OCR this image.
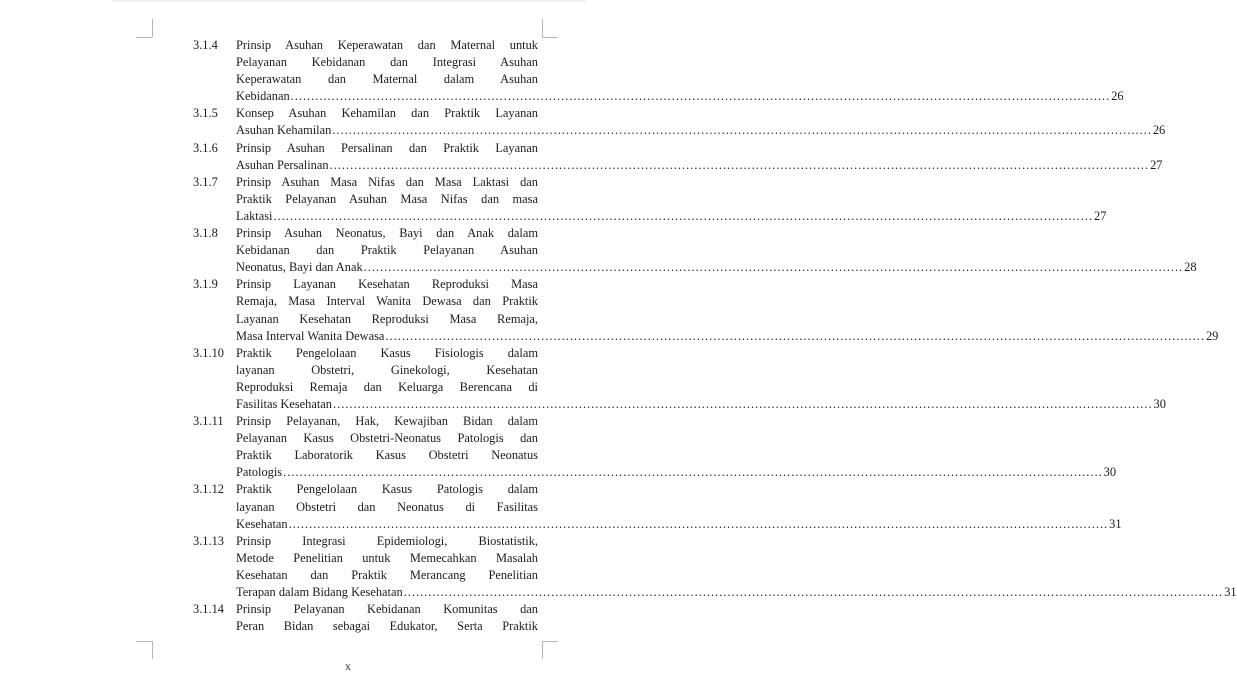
3.1.4	Prinsip Asuhan Keperawatan dan Maternal untuk
Pelayanan Kebidanan dan Integrasi Asuhan
Keperawatan dan Maternal dalam Asuhan
Kebidanan ........................................................................................................................................................................................................ 26
3.1.5	Konsep Asuhan Kehamilan dan Praktik Layanan
Asuhan Kehamilan ........................................................................................................................................................................................................ 26
3.1.6	Prinsip Asuhan Persalinan dan Praktik Layanan
Asuhan Persalinan ........................................................................................................................................................................................................ 27
3.1.7	Prinsip Asuhan Masa Nifas dan Masa Laktasi dan
Praktik Pelayanan Asuhan Masa Nifas dan masa
Laktasi ........................................................................................................................................................................................................ 27
3.1.8	Prinsip Asuhan Neonatus, Bayi dan Anak dalam
Kebidanan dan Praktik Pelayanan Asuhan
Neonatus, Bayi dan Anak ........................................................................................................................................................................................................ 28
3.1.9	Prinsip Layanan Kesehatan Reproduksi Masa
Remaja, Masa Interval Wanita Dewasa dan Praktik
Layanan Kesehatan Reproduksi Masa Remaja,
Masa Interval Wanita Dewasa ........................................................................................................................................................................................................ 29
3.1.10 Praktik Pengelolaan Kasus Fisiologis dalam
layanan Obstetri, Ginekologi, Kesehatan
Reproduksi Remaja dan Keluarga Berencana di
Fasilitas Kesehatan ........................................................................................................................................................................................................ 30
3.1.11	Prinsip Pelayanan, Hak, Kewajiban Bidan dalam
Pelayanan Kasus Obstetri-Neonatus Patologis dan
Praktik Laboratorik Kasus Obstetri Neonatus
Patologis ........................................................................................................................................................................................................ 30
3.1.12 Praktik Pengelolaan Kasus Patologis dalam
layanan Obstetri dan Neonatus di Fasilitas
Kesehatan ........................................................................................................................................................................................................ 31
3.1.13 Prinsip Integrasi Epidemiologi, Biostatistik,
Metode Penelitian untuk Memecahkan Masalah
Kesehatan dan Praktik Merancang Penelitian
Terapan dalam Bidang Kesehatan ........................................................................................................................................................................................................ 31
3.1.14 Prinsip Pelayanan Kebidanan Komunitas dan
Peran Bidan sebagai Edukator, Serta Praktik
x
